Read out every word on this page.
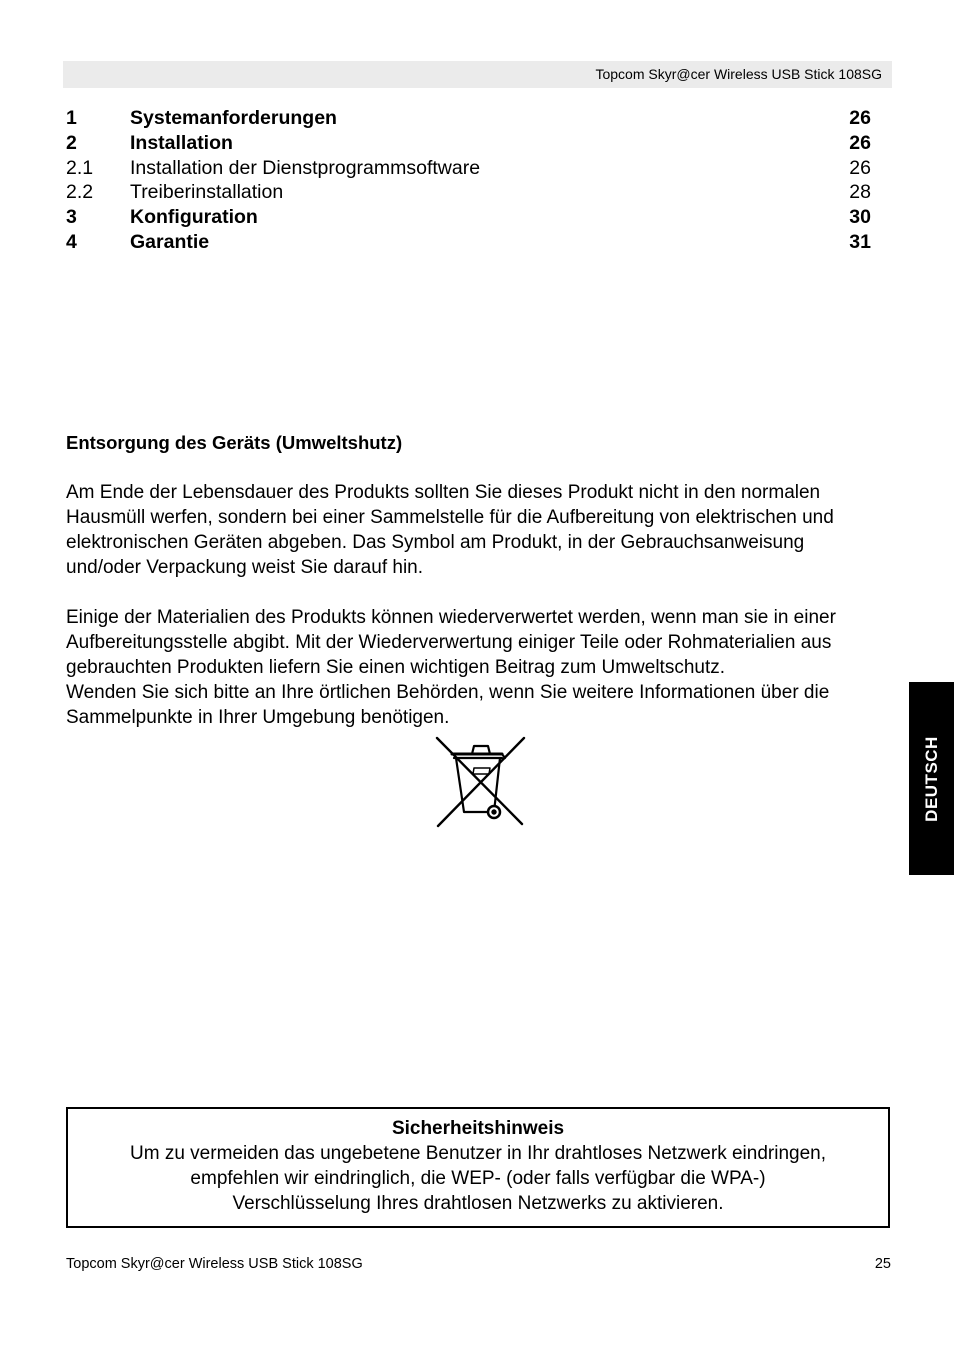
Topcom Skyr@cer Wireless USB Stick 108SG
1	Systemanforderungen	26
2	Installation	26
2.1 Installation der Dienstprogrammsoftware	26
2.2 Treiberinstallation	28
3	Konfiguration	30
4	Garantie	31
Entsorgung des Geräts (Umweltshutz)
Am Ende der Lebensdauer des Produkts sollten Sie dieses Produkt nicht in den normalen
Hausmüll werfen, sondern bei einer Sammelstelle für die Aufbereitung von elektrischen und
elektronischen Geräten abgeben. Das Symbol am Produkt, in der Gebrauchsanweisung
und/oder Verpackung weist Sie darauf hin.
Einige der Materialien des Produkts können wiederverwertet werden, wenn man sie in einer
Aufbereitungsstelle abgibt. Mit der Wiederverwertung einiger Teile oder Rohmaterialien aus
gebrauchten Produkten liefern Sie einen wichtigen Beitrag zum Umweltschutz.
Wenden Sie sich bitte an Ihre örtlichen Behörden, wenn Sie weitere Informationen über die
Sammelpunkte in Ihrer Umgebung benötigen.
DEUTSCH
Sicherheitshinweis
Um zu vermeiden das ungebetene Benutzer in Ihr drahtloses Netzwerk eindringen,
empfehlen wir eindringlich, die WEP- (oder falls verfügbar die WPA-)
Verschlüsselung Ihres drahtlosen Netzwerks zu aktivieren.
Topcom Skyr@cer Wireless USB Stick 108SG	25
